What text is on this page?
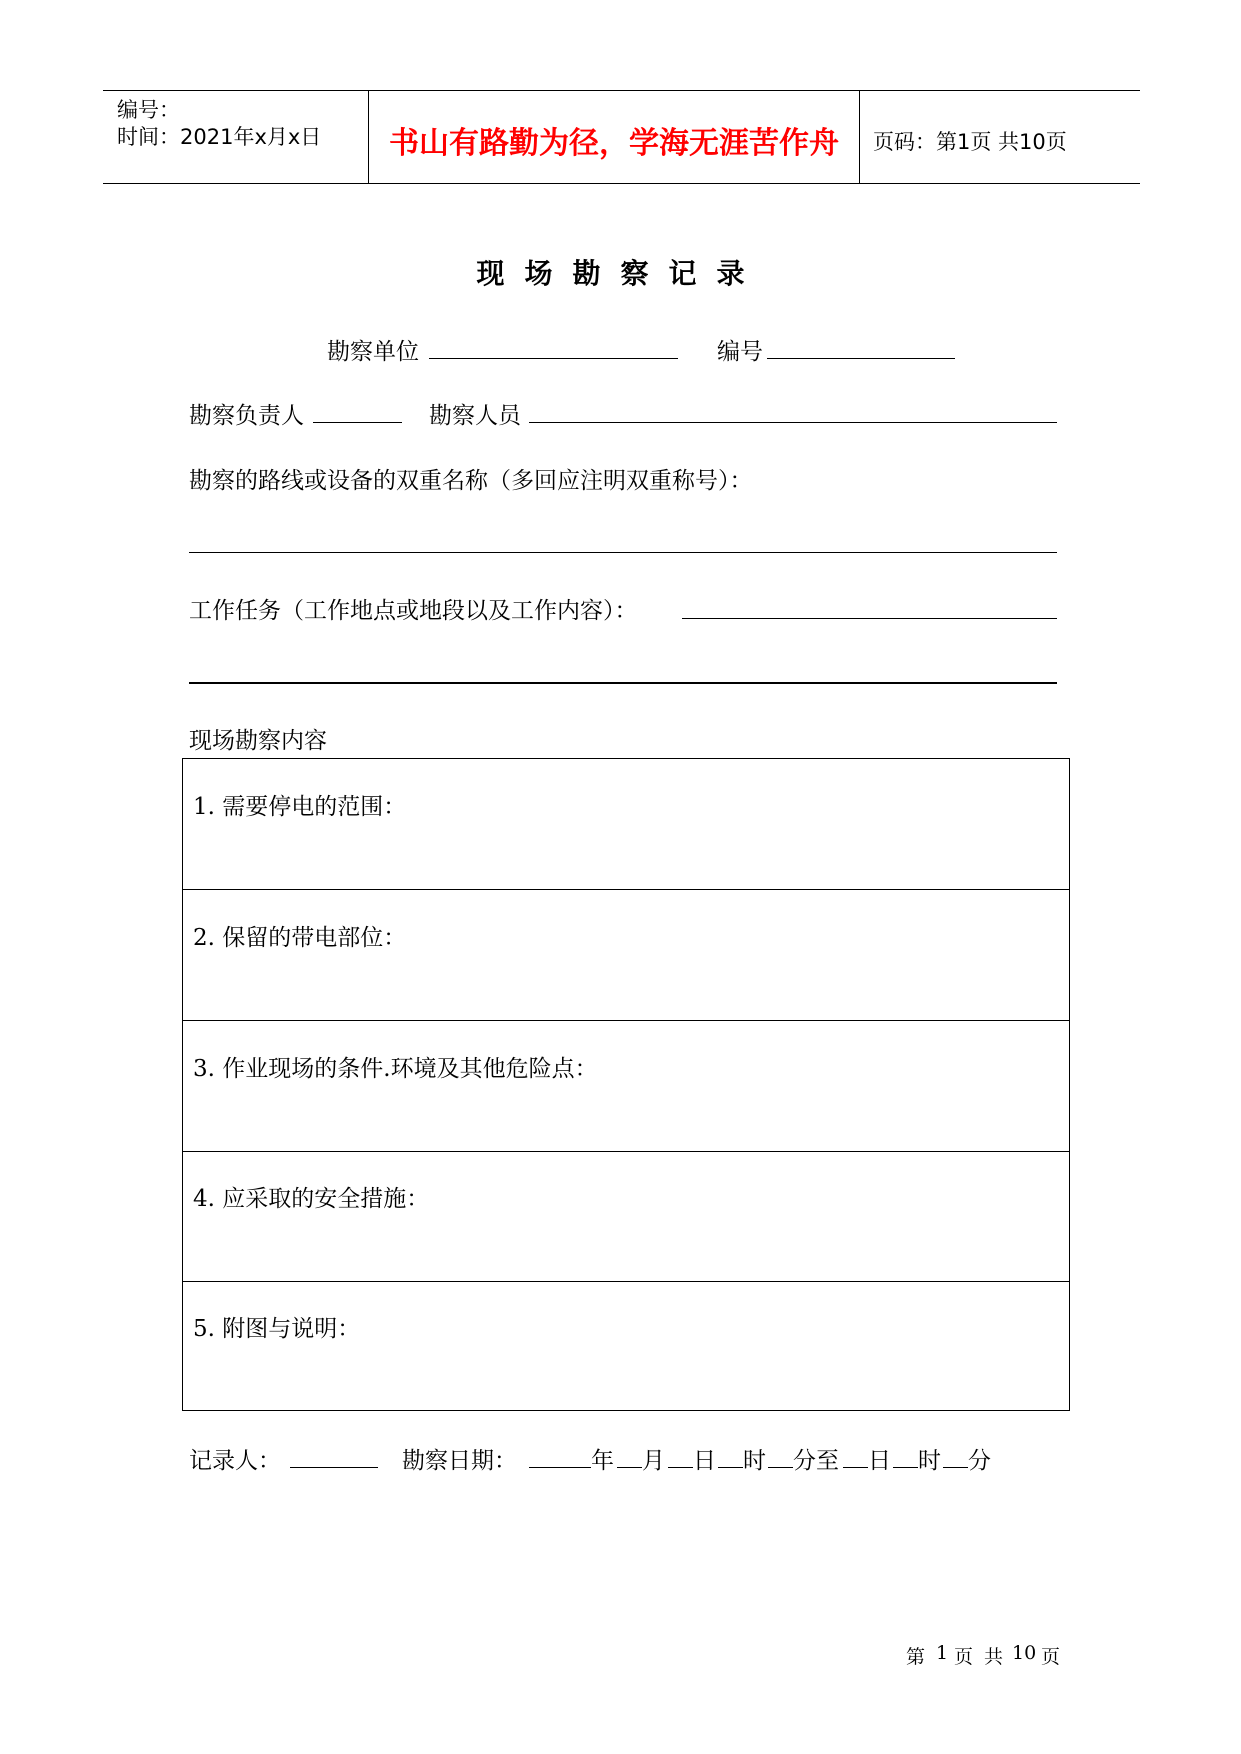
编号：
时间：2021年x月x日	书山有路勤为径，学海无涯苦作舟	页码：第1页 共10页
现场勘察记录
勘察单位	编号
勘察负责人	勘察人员
勘察的路线或设备的双重名称（多回应注明双重称号）：
工作任务（工作地点或地段以及工作内容）：
现场勘察内容
1. 需要停电的范围：
2. 保留的带电部位：
3. 作业现场的条件.环境及其他危险点：
4. 应采取的安全措施：
5. 附图与说明：
记录人：	勘察日期：	年 月 日 时 分至 日 时 分
第 1 页 共 10 页
